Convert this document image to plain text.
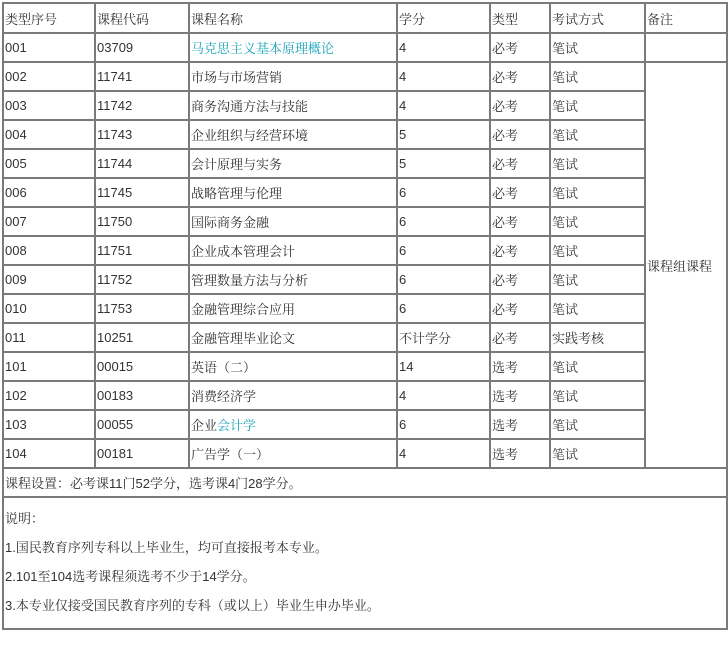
类型序号	课程代码	课程名称	学分	类型	考试方式	备注
001	03709	马克思主义基本原理概论	4	必考	笔试	
002	11741	市场与市场营销	4	必考	笔试	课程组课程
003	11742	商务沟通方法与技能	4	必考	笔试	
004	11743	企业组织与经营环境	5	必考	笔试	
005	11744	会计原理与实务	5	必考	笔试	
006	11745	战略管理与伦理	6	必考	笔试	
007	11750	国际商务金融	6	必考	笔试	
008	11751	企业成本管理会计	6	必考	笔试	
009	11752	管理数量方法与分析	6	必考	笔试	
010	11753	金融管理综合应用	6	必考	笔试	
011	10251	金融管理毕业论文	不计学分	必考	实践考核	
101	00015	英语（二）	14	选考	笔试	
102	00183	消费经济学	4	选考	笔试	
103	00055	企业会计学	6	选考	笔试	
104	00181	广告学（一）	4	选考	笔试	
课程设置：必考课11门52学分，选考课4门28学分。						

说明：
1.国民教育序列专科以上毕业生，均可直接报考本专业。
2.101至104选考课程须选考不少于14学分。
3.本专业仅接受国民教育序列的专科（或以上）毕业生申办毕业。						
